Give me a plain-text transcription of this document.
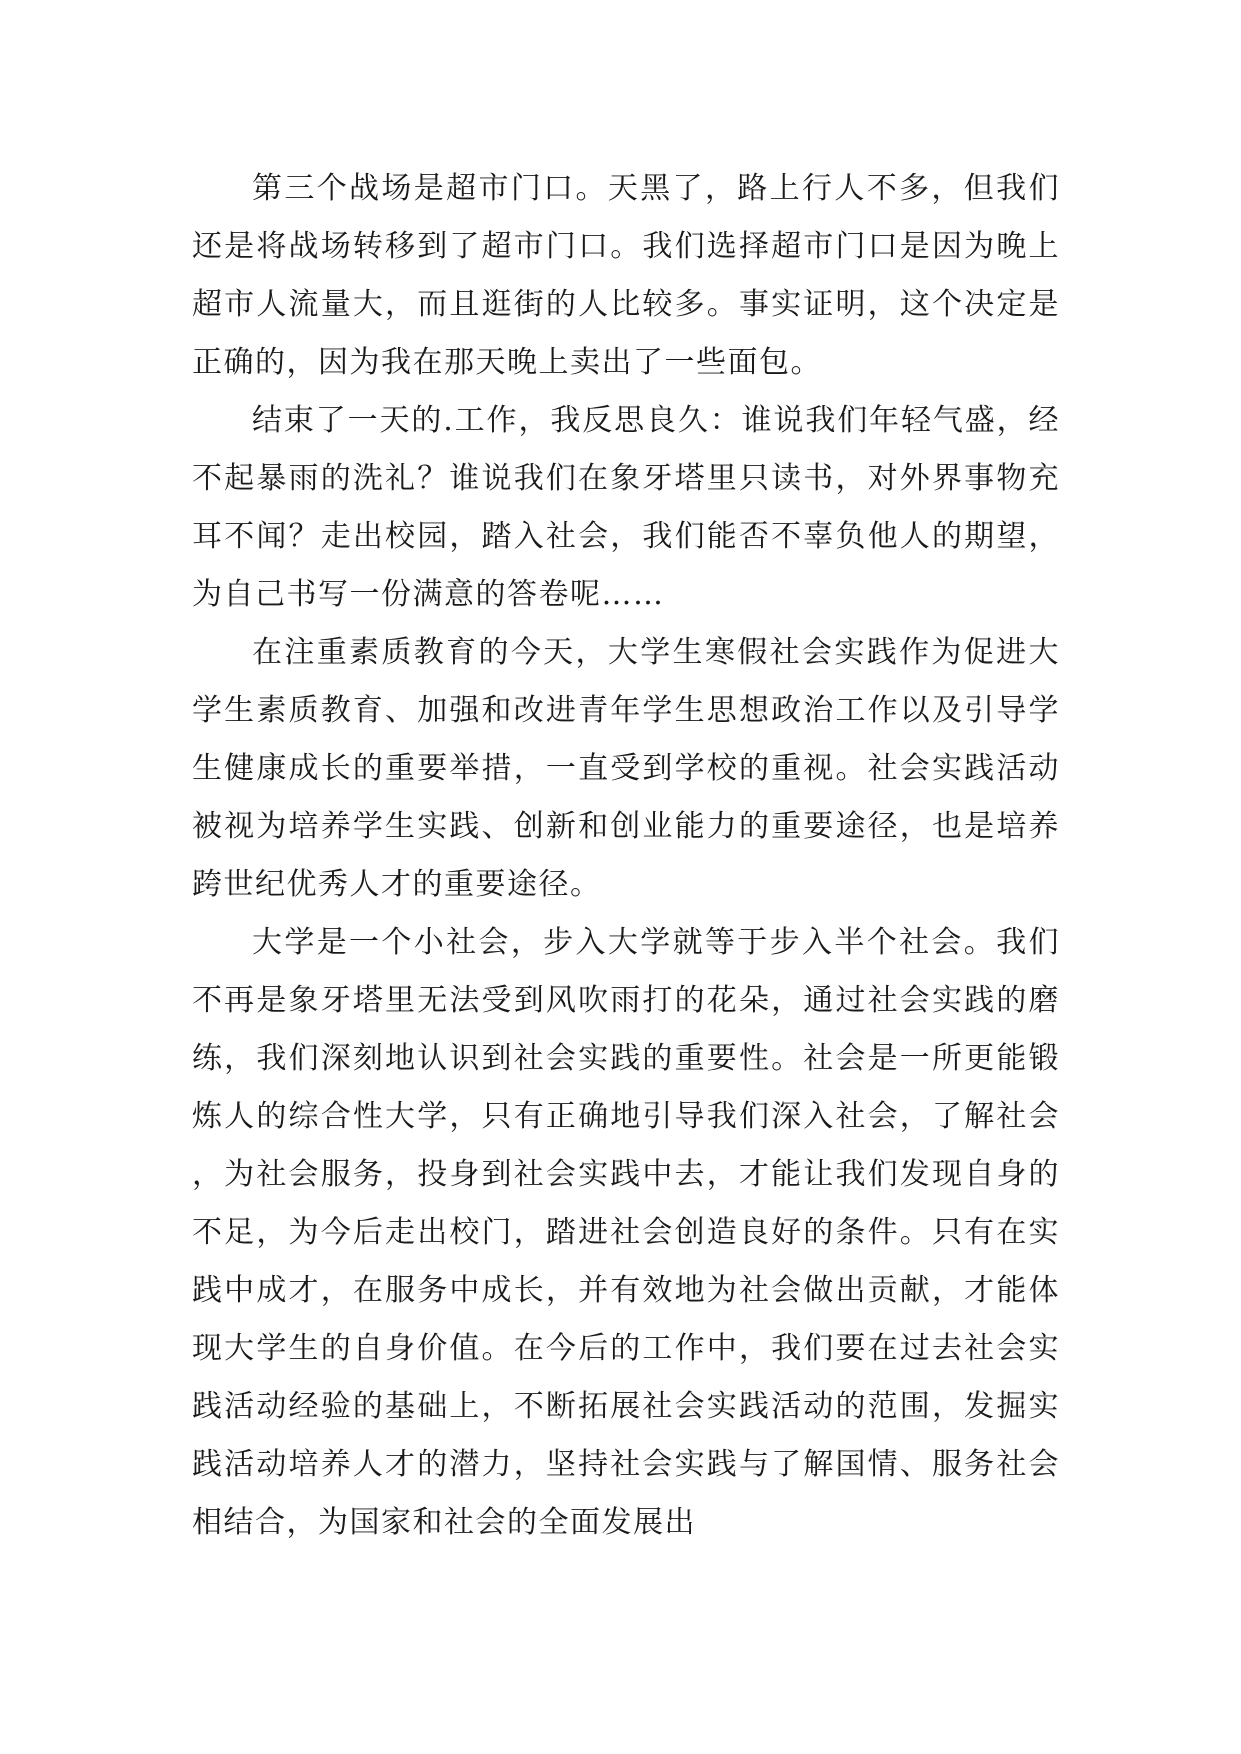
第三个战场是超市门口。天黑了，路上行人不多，但我们还是将战场转移到了超市门口。我们选择超市门口是因为晚上超市人流量大，而且逛街的人比较多。事实证明，这个决定是正确的，因为我在那天晚上卖出了一些面包。

结束了一天的.工作，我反思良久：谁说我们年轻气盛，经不起暴雨的洗礼？谁说我们在象牙塔里只读书，对外界事物充耳不闻？走出校园，踏入社会，我们能否不辜负他人的期望，为自己书写一份满意的答卷呢……

在注重素质教育的今天，大学生寒假社会实践作为促进大学生素质教育、加强和改进青年学生思想政治工作以及引导学生健康成长的重要举措，一直受到学校的重视。社会实践活动被视为培养学生实践、创新和创业能力的重要途径，也是培养跨世纪优秀人才的重要途径。

大学是一个小社会，步入大学就等于步入半个社会。我们不再是象牙塔里无法受到风吹雨打的花朵，通过社会实践的磨练，我们深刻地认识到社会实践的重要性。社会是一所更能锻炼人的综合性大学，只有正确地引导我们深入社会，了解社会，为社会服务，投身到社会实践中去，才能让我们发现自身的不足，为今后走出校门，踏进社会创造良好的条件。只有在实践中成才，在服务中成长，并有效地为社会做出贡献，才能体现大学生的自身价值。在今后的工作中，我们要在过去社会实践活动经验的基础上，不断拓展社会实践活动的范围，发掘实践活动培养人才的潜力，坚持社会实践与了解国情、服务社会相结合，为国家和社会的全面发展出
